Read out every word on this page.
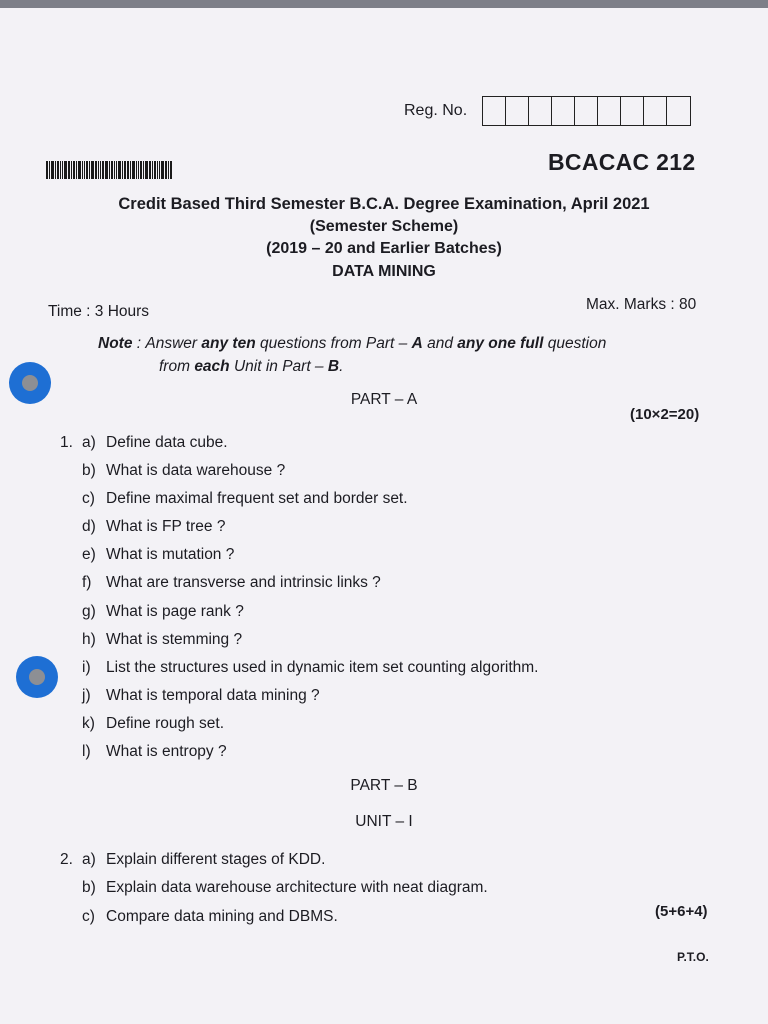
Reg. No.
BCACAC 212
Credit Based Third Semester B.C.A. Degree Examination, April 2021
(Semester Scheme)
(2019 – 20 and Earlier Batches)
DATA MINING
Time : 3 Hours	Max. Marks : 80
Note : Answer any ten questions from Part – A and any one full question
from each Unit in Part – B.
PART – A
(10×2=20)
1. a) Define data cube.
b) What is data warehouse ?
c) Define maximal frequent set and border set.
d) What is FP tree ?
e) What is mutation ?
f) What are transverse and intrinsic links ?
g) What is page rank ?
h) What is stemming ?
i) List the structures used in dynamic item set counting algorithm.
j) What is temporal data mining ?
k) Define rough set.
l) What is entropy ?
PART – B
UNIT – I
2. a) Explain different stages of KDD.
b) Explain data warehouse architecture with neat diagram.
c) Compare data mining and DBMS.	(5+6+4)
P.T.O.
